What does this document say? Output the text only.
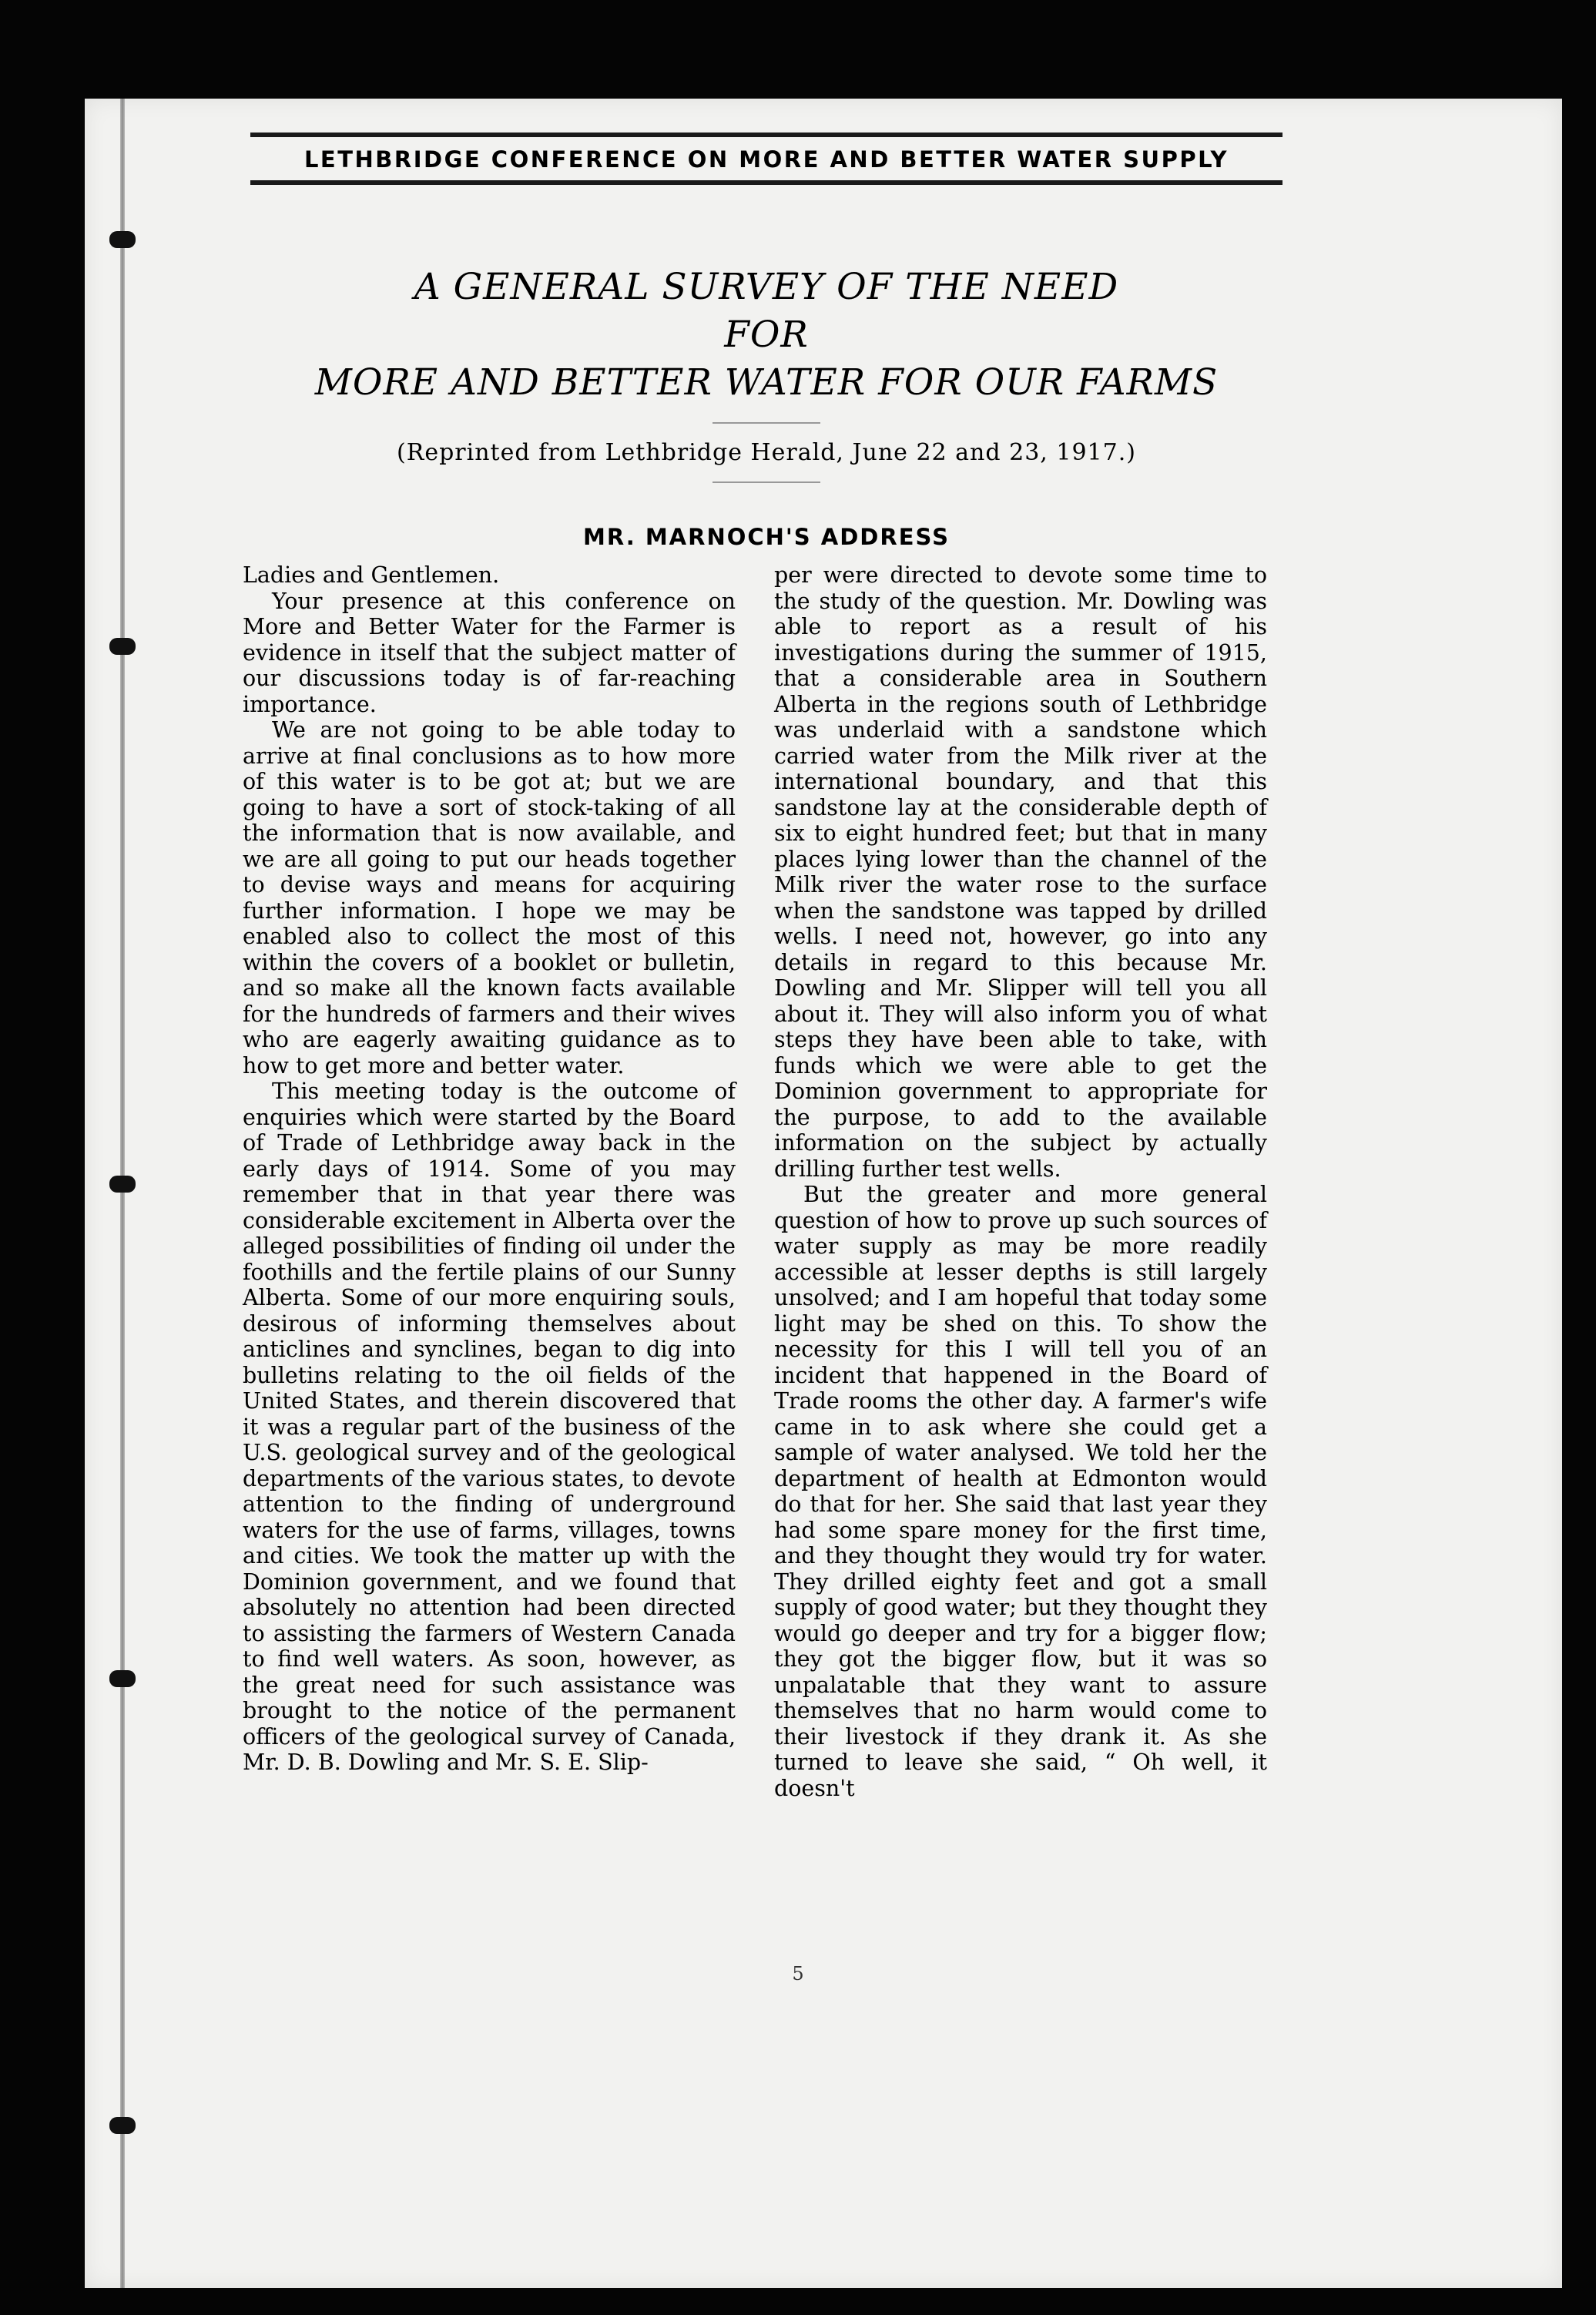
LETHBRIDGE CONFERENCE ON MORE AND BETTER WATER SUPPLY
A GENERAL SURVEY OF THE NEED
FOR
MORE AND BETTER WATER FOR OUR FARMS
(Reprinted from Lethbridge Herald, June 22 and 23, 1917.)
MR. MARNOCH'S ADDRESS

Ladies and Gentlemen.

Your presence at this conference on More and Better Water for the Farmer is evidence in itself that the subject matter of our discussions today is of far-reaching importance.

We are not going to be able today to arrive at final conclusions as to how more of this water is to be got at; but we are going to have a sort of stock-taking of all the information that is now available, and we are all going to put our heads together to devise ways and means for acquiring further information. I hope we may be enabled also to collect the most of this within the covers of a booklet or bulletin, and so make all the known facts available for the hundreds of farmers and their wives who are eagerly awaiting guidance as to how to get more and better water.

This meeting today is the outcome of enquiries which were started by the Board of Trade of Lethbridge away back in the early days of 1914. Some of you may remember that in that year there was considerable excitement in Alberta over the alleged possibilities of finding oil under the foothills and the fertile plains of our Sunny Alberta. Some of our more enquiring souls, desirous of informing themselves about anticlines and synclines, began to dig into bulletins relating to the oil fields of the United States, and therein discovered that it was a regular part of the business of the U.S. geological survey and of the geological departments of the various states, to devote attention to the finding of underground waters for the use of farms, villages, towns and cities. We took the matter up with the Dominion government, and we found that absolutely no attention had been directed to assisting the farmers of Western Canada to find well waters. As soon, however, as the great need for such assistance was brought to the notice of the permanent officers of the geological survey of Canada, Mr. D. B. Dowling and Mr. S. E. Slip-

per were directed to devote some time to the study of the question. Mr. Dowling was able to report as a result of his investigations during the summer of 1915, that a considerable area in Southern Alberta in the regions south of Lethbridge was underlaid with a sandstone which carried water from the Milk river at the international boundary, and that this sandstone lay at the considerable depth of six to eight hundred feet; but that in many places lying lower than the channel of the Milk river the water rose to the surface when the sandstone was tapped by drilled wells. I need not, however, go into any details in regard to this because Mr. Dowling and Mr. Slipper will tell you all about it. They will also inform you of what steps they have been able to take, with funds which we were able to get the Dominion government to appropriate for the purpose, to add to the available information on the subject by actually drilling further test wells.

But the greater and more general question of how to prove up such sources of water supply as may be more readily accessible at lesser depths is still largely unsolved; and I am hopeful that today some light may be shed on this. To show the necessity for this I will tell you of an incident that happened in the Board of Trade rooms the other day. A farmer's wife came in to ask where she could get a sample of water analysed. We told her the department of health at Edmonton would do that for her. She said that last year they had some spare money for the first time, and they thought they would try for water. They drilled eighty feet and got a small supply of good water; but they thought they would go deeper and try for a bigger flow; they got the bigger flow, but it was so unpalatable that they want to assure themselves that no harm would come to their livestock if they drank it. As she turned to leave she said, “ Oh well, it doesn't

5
